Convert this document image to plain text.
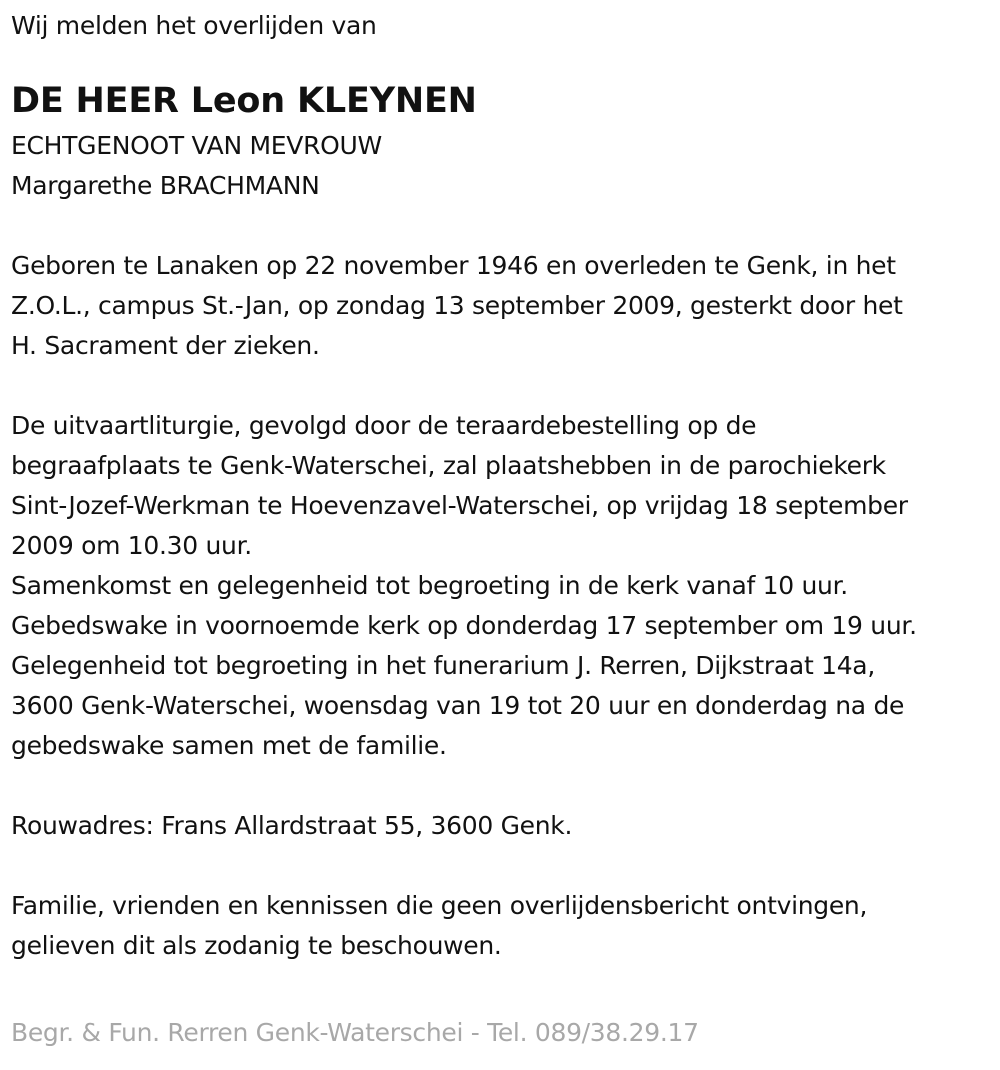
Wij melden het overlijden van
DE HEER Leon KLEYNEN
ECHTGENOOT VAN MEVROUW
Margarethe BRACHMANN
Geboren te Lanaken op 22 november 1946 en overleden te Genk, in het
Z.O.L., campus St.-Jan, op zondag 13 september 2009, gesterkt door het
H. Sacrament der zieken.
De uitvaartliturgie, gevolgd door de teraardebestelling op de
begraafplaats te Genk-Waterschei, zal plaatshebben in de parochiekerk
Sint-Jozef-Werkman te Hoevenzavel-Waterschei, op vrijdag 18 september
2009 om 10.30 uur.
Samenkomst en gelegenheid tot begroeting in de kerk vanaf 10 uur.
Gebedswake in voornoemde kerk op donderdag 17 september om 19 uur.
Gelegenheid tot begroeting in het funerarium J. Rerren, Dijkstraat 14a,
3600 Genk-Waterschei, woensdag van 19 tot 20 uur en donderdag na de
gebedswake samen met de familie.
Rouwadres: Frans Allardstraat 55, 3600 Genk.
Familie, vrienden en kennissen die geen overlijdensbericht ontvingen,
gelieven dit als zodanig te beschouwen.
Begr. & Fun. Rerren Genk-Waterschei - Tel. 089/38.29.17
